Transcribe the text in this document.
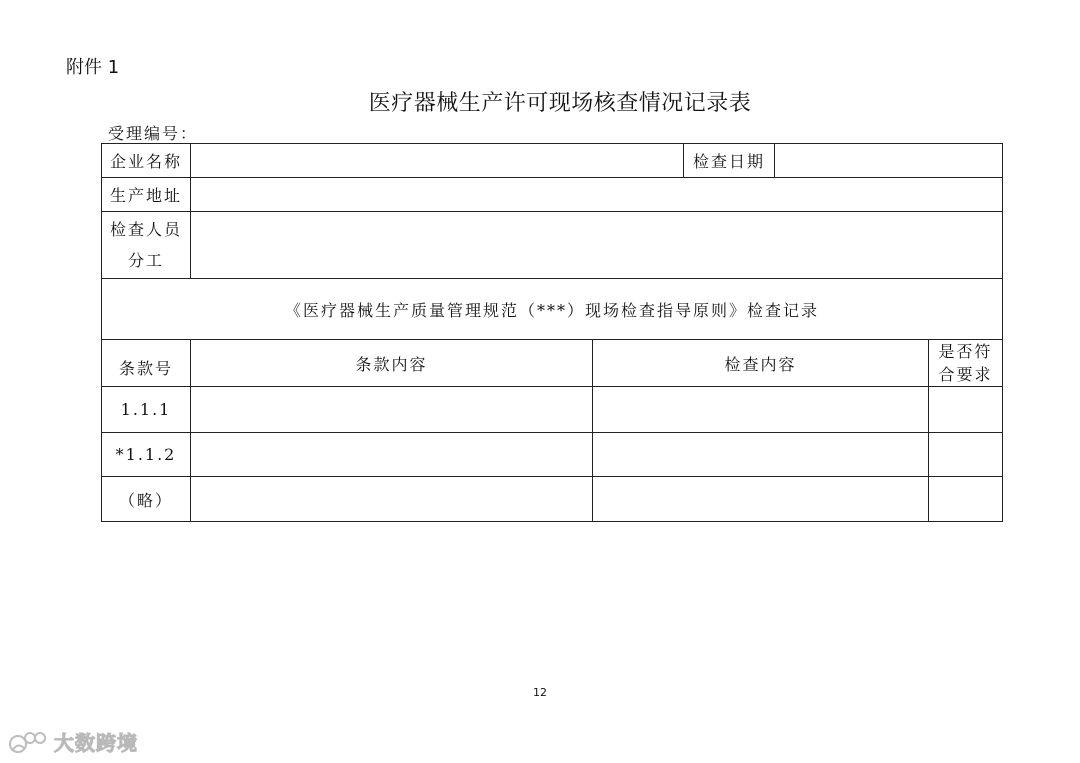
附件 1
医疗器械生产许可现场核查情况记录表
受理编号：
企业名称			检查日期	

生产地址				

检查人员
分工				

《医疗器械生产质量管理规范（***）现场检查指导原则》检查记录				
条款号	条款内容	检查内容		是否符
合要求

1.1.1				
*1.1.2				
（略）				
12
大数跨境
